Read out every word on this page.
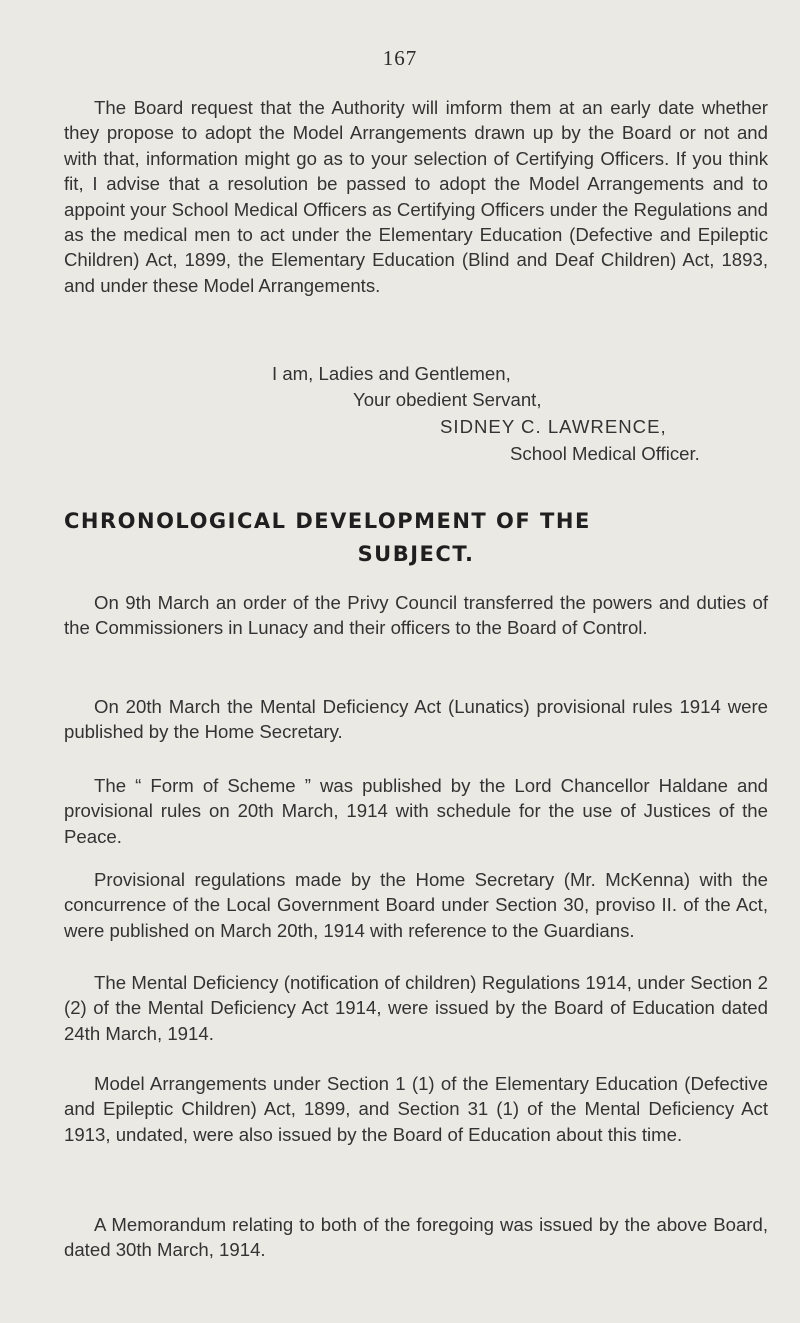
167
The Board request that the Authority will imform them at an early date whether they propose to adopt the Model Arrangements drawn up by the Board or not and with that, information might go as to your selection of Certifying Officers. If you think fit, I advise that a resolution be passed to adopt the Model Arrangements and to appoint your School Medical Officers as Certifying Officers under the Regulations and as the medical men to act under the Elementary Education (Defective and Epileptic Children) Act, 1899, the Elementary Education (Blind and Deaf Children) Act, 1893, and under these Model Arrangements.
I am, Ladies and Gentlemen,
Your obedient Servant,
SIDNEY C. LAWRENCE,
School Medical Officer.
CHRONOLOGICAL DEVELOPMENT OF THE
SUBJECT.
On 9th March an order of the Privy Council transferred the powers and duties of the Commissioners in Lunacy and their officers to the Board of Control.
On 20th March the Mental Deficiency Act (Lunatics) provisional rules 1914 were published by the Home Secretary.
The “ Form of Scheme ” was published by the Lord Chancellor Haldane and provisional rules on 20th March, 1914 with schedule for the use of Justices of the Peace.
Provisional regulations made by the Home Secretary (Mr. McKenna) with the concurrence of the Local Government Board under Section 30, proviso II. of the Act, were published on March 20th, 1914 with reference to the Guardians.
The Mental Deficiency (notification of children) Regulations 1914, under Section 2 (2) of the Mental Deficiency Act 1914, were issued by the Board of Education dated 24th March, 1914.
Model Arrangements under Section 1 (1) of the Elementary Education (Defective and Epileptic Children) Act, 1899, and Section 31 (1) of the Mental Deficiency Act 1913, undated, were also issued by the Board of Education about this time.
A Memorandum relating to both of the foregoing was issued by the above Board, dated 30th March, 1914.
